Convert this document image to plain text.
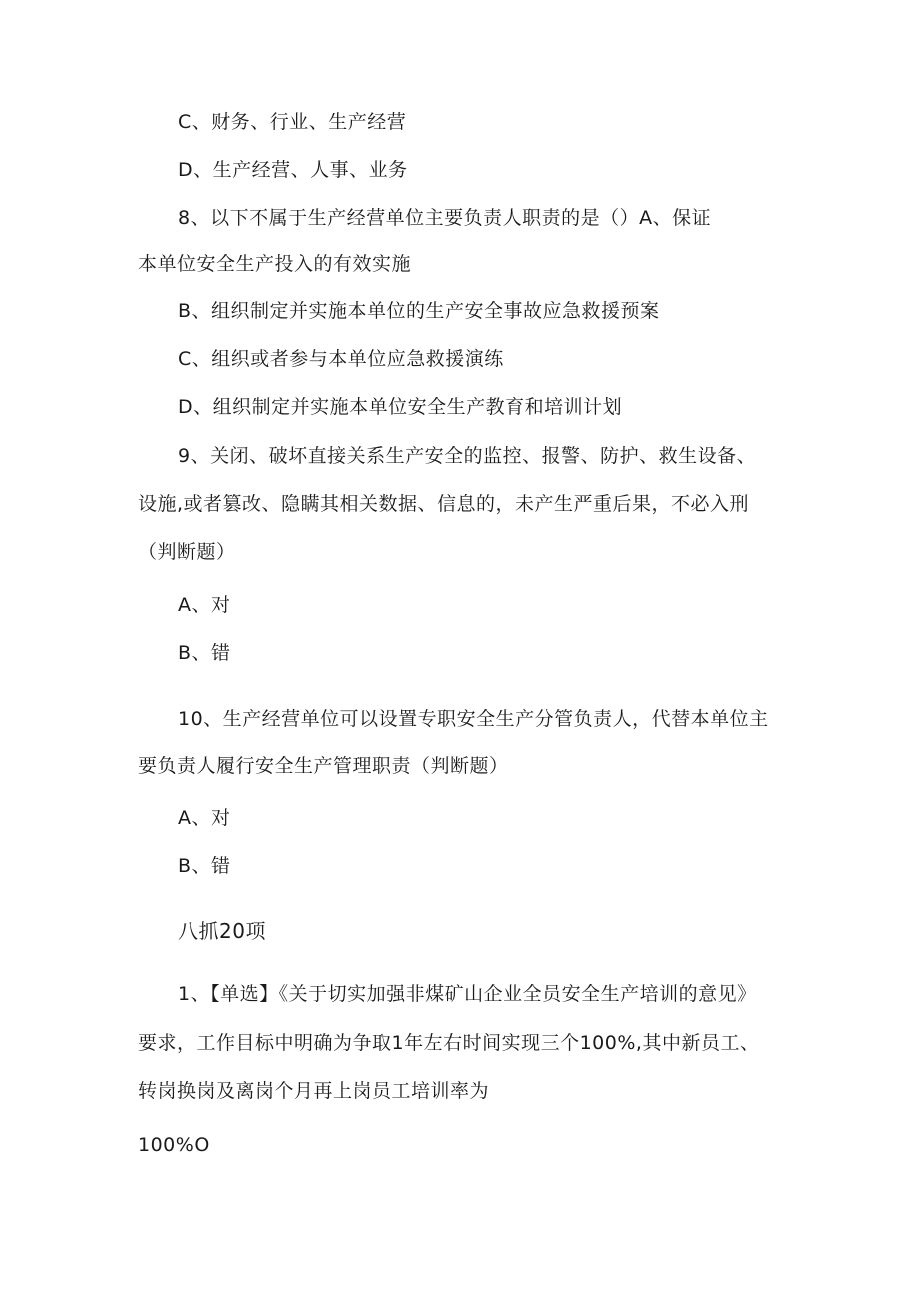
C、财务、行业、生产经营

D、生产经营、人事、业务

8、以下不属于生产经营单位主要负责人职责的是（）A、保证

本单位安全生产投入的有效实施

B、组织制定并实施本单位的生产安全事故应急救援预案

C、组织或者参与本单位应急救援演练

D、组织制定并实施本单位安全生产教育和培训计划

9、关闭、破坏直接关系生产安全的监控、报警、防护、救生设备、

设施,或者篡改、隐瞒其相关数据、信息的，未产生严重后果，不必入刑

（判断题）

A、对

B、错

10、生产经营单位可以设置专职安全生产分管负责人，代替本单位主

要负责人履行安全生产管理职责（判断题）

A、对

B、错

八抓20项

1、【单选】《关于切实加强非煤矿山企业全员安全生产培训的意见》

要求，工作目标中明确为争取1年左右时间实现三个100%,其中新员工、

转岗换岗及离岗个月再上岗员工培训率为

100%O
